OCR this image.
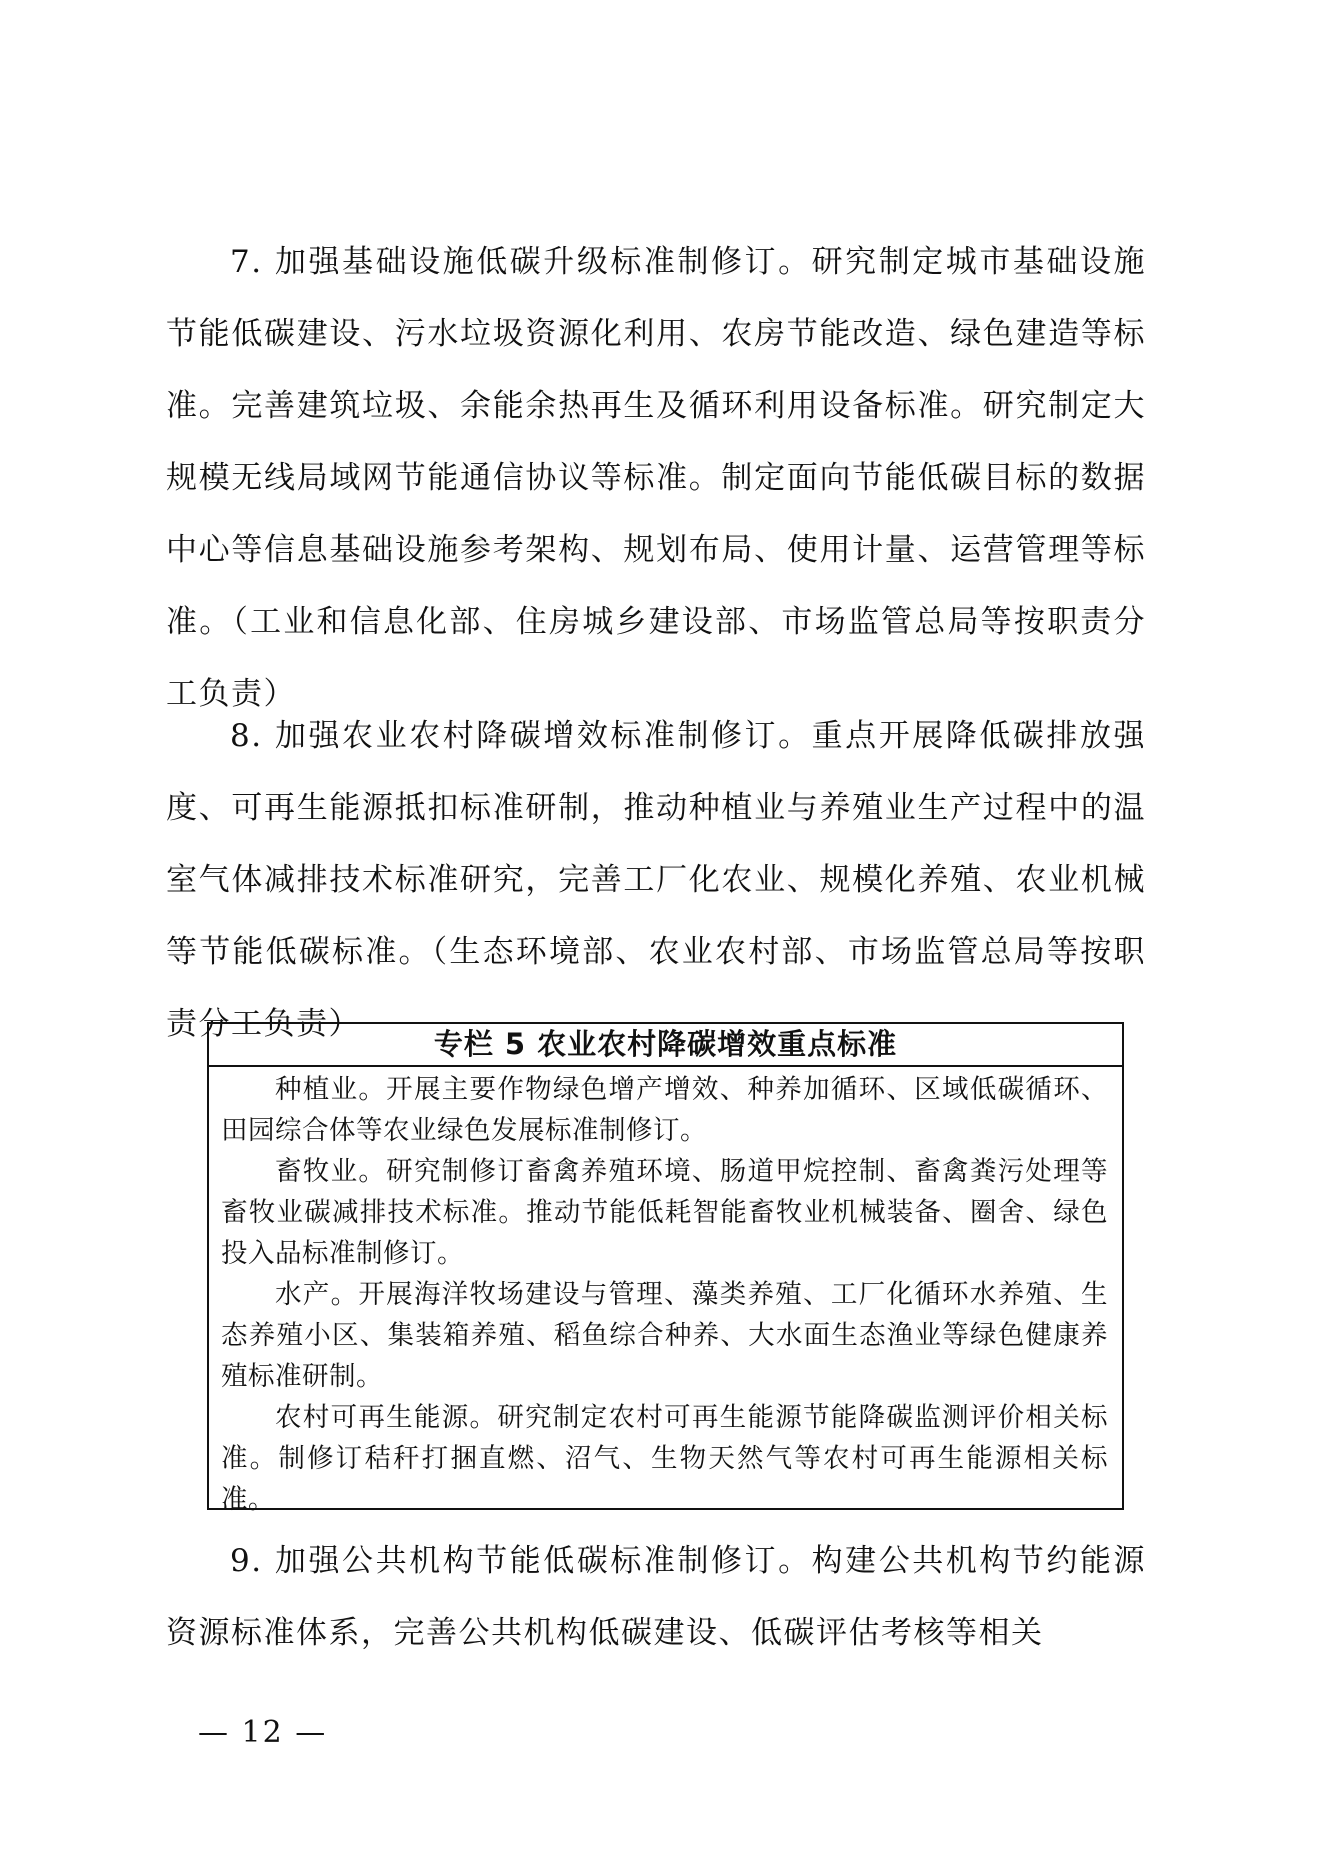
7. 加强基础设施低碳升级标准制修订。研究制定城市基础设施节能低碳建设、污水垃圾资源化利用、农房节能改造、绿色建造等标准。完善建筑垃圾、余能余热再生及循环利用设备标准。研究制定大规模无线局域网节能通信协议等标准。制定面向节能低碳目标的数据中心等信息基础设施参考架构、规划布局、使用计量、运营管理等标准。（工业和信息化部、住房城乡建设部、市场监管总局等按职责分工负责）

8. 加强农业农村降碳增效标准制修订。重点开展降低碳排放强度、可再生能源抵扣标准研制，推动种植业与养殖业生产过程中的温室气体减排技术标准研究，完善工厂化农业、规模化养殖、农业机械等节能低碳标准。（生态环境部、农业农村部、市场监管总局等按职责分工负责）

专栏 5 农业农村降碳增效重点标准

种植业。开展主要作物绿色增产增效、种养加循环、区域低碳循环、田园综合体等农业绿色发展标准制修订。

畜牧业。研究制修订畜禽养殖环境、肠道甲烷控制、畜禽粪污处理等畜牧业碳减排技术标准。推动节能低耗智能畜牧业机械装备、圈舍、绿色投入品标准制修订。

水产。开展海洋牧场建设与管理、藻类养殖、工厂化循环水养殖、生态养殖小区、集装箱养殖、稻鱼综合种养、大水面生态渔业等绿色健康养殖标准研制。

农村可再生能源。研究制定农村可再生能源节能降碳监测评价相关标准。制修订秸秆打捆直燃、沼气、生物天然气等农村可再生能源相关标准。

9. 加强公共机构节能低碳标准制修订。构建公共机构节约能源资源标准体系，完善公共机构低碳建设、低碳评估考核等相关

— 12 —
